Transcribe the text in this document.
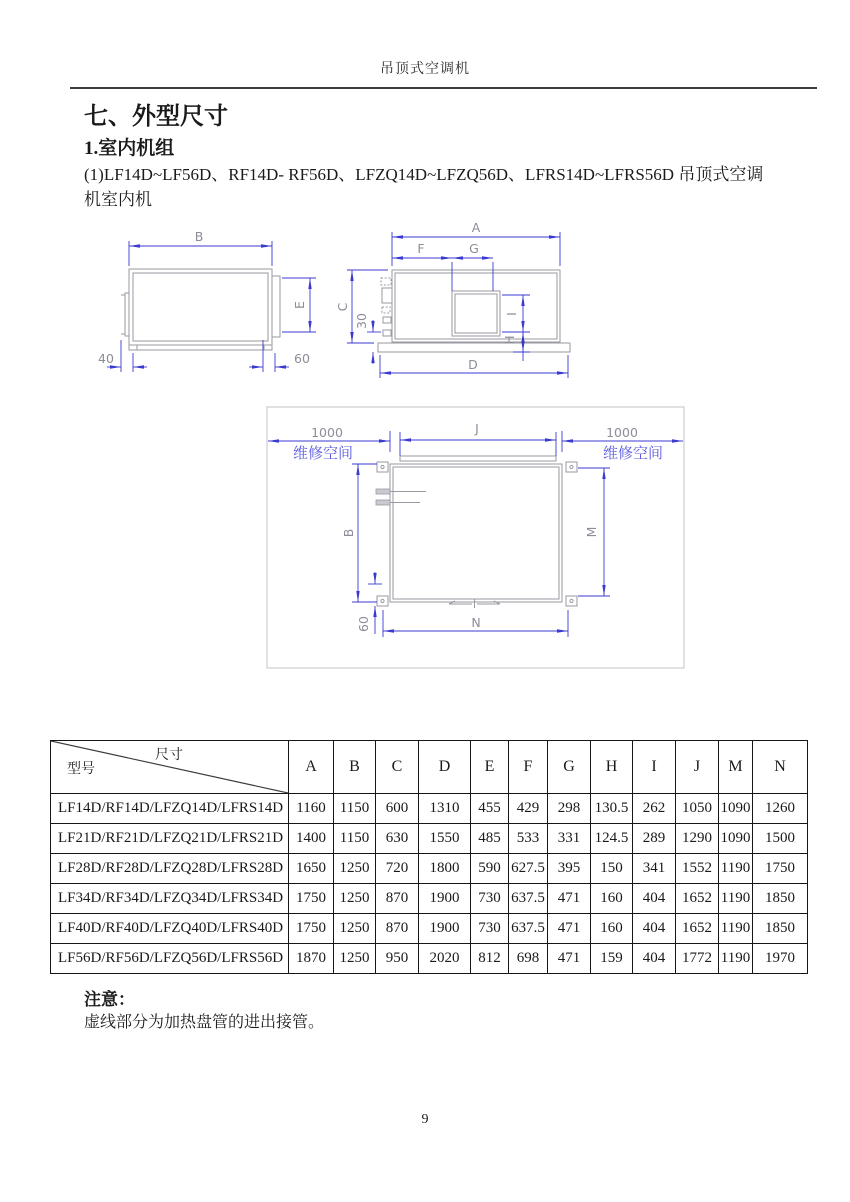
吊顶式空调机
七、外型尺寸
1.室内机组
(1)LF14D~LF56D、RF14D- RF56D、LFZQ14D~LFZQ56D、LFRS14D~LFRS56D 吊顶式空调
机室内机
B
E
40	60
A
F	G
C
30	I
H
D
1000
维修空间
J	1000
维修空间
B	M
60	N
尺寸
型号	A	B	C	D	E	F	G	H	I	J	M	N
LF14D/RF14D/LFZQ14D/LFRS14D	1160	1150	600	1310	455	429	298	130.5	262	1050	1090	1260
LF21D/RF21D/LFZQ21D/LFRS21D	1400	1150	630	1550	485	533	331	124.5	289	1290	1090	1500
LF28D/RF28D/LFZQ28D/LFRS28D	1650	1250	720	1800	590	627.5	395	150	341	1552	1190	1750
LF34D/RF34D/LFZQ34D/LFRS34D	1750	1250	870	1900	730	637.5	471	160	404	1652	1190	1850
LF40D/RF40D/LFZQ40D/LFRS40D	1750	1250	870	1900	730	637.5	471	160	404	1652	1190	1850
LF56D/RF56D/LFZQ56D/LFRS56D	1870	1250	950	2020	812	698	471	159	404	1772	1190	1970
注意：
虚线部分为加热盘管的进出接管。
9
